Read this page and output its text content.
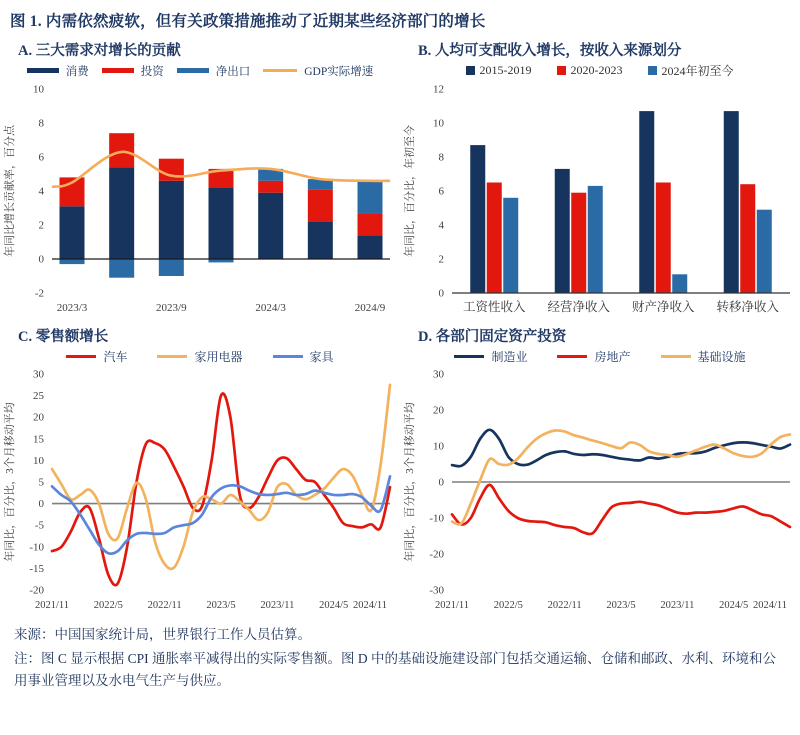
图 1. 内需依然疲软，但有关政策措施推动了近期某些经济部门的增长
A. 三大需求对增长的贡献
消费	投资	净出口	GDP实际增速
-2
0
2
4
6
8
10
年同比增长贡献率，百分点
2023/3	2023/9	2024/3	2024/9
B. 人均可支配收入增长，按收入来源划分
2015-2019	2020-2023	2024年初至今
0
2
4
6
8
10
12
年同比，百分比，年初至今
工资性收入 经营净收入 财产净收入 转移净收入
C. 零售额增长
汽车	家用电器	家具
-20
-15
-10
-5
0
5
10
15
20
25
30
年同比，百分比，3个月移动平均
2021/11 2022/5 2022/11 2023/5 2023/11 2024/5 2024/11
D. 各部门固定资产投资
制造业	房地产	基础设施
-30
-20
-10
0
10
20
30
年同比，百分比，3个月移动平均
2021/11 2022/5 2022/11 2023/5 2023/11 2024/5 2024/11

来源：中国国家统计局，世界银行工作人员估算。

注：图 C 显示根据 CPI 通胀率平减得出的实际零售额。图 D 中的基础设施建设部门包括交通运输、仓储和邮政、水利、环境和公用事业管理以及水电气生产与供应。
